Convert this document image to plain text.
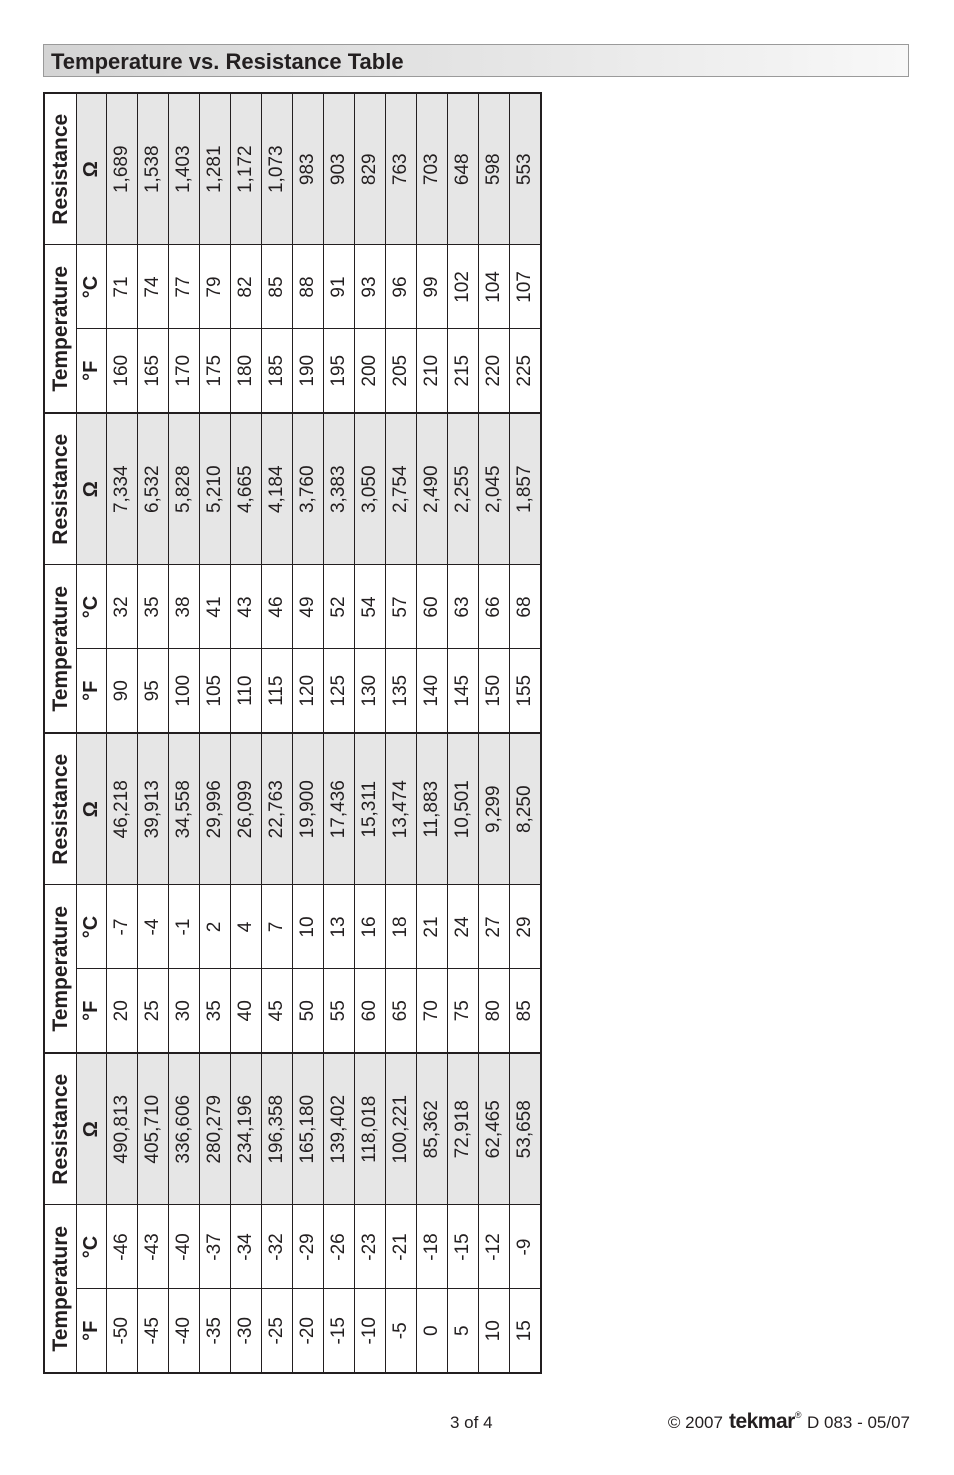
Temperature vs. Resistance Table
Temperature		Resistance	Temperature		Resistance	Temperature		Resistance	Temperature		Resistance
°F	°C	Ω	°F	°C	Ω	°F	°C	Ω	°F	°C	Ω
-50	-46	490,813	20	-7	46,218	90	32	7,334	160	71	1,689
-45	-43	405,710	25	-4	39,913	95	35	6,532	165	74	1,538
-40	-40	336,606	30	-1	34,558	100	38	5,828	170	77	1,403
-35	-37	280,279	35	2	29,996	105	41	5,210	175	79	1,281
-30	-34	234,196	40	4	26,099	110	43	4,665	180	82	1,172
-25	-32	196,358	45	7	22,763	115	46	4,184	185	85	1,073
-20	-29	165,180	50	10	19,900	120	49	3,760	190	88	983
-15	-26	139,402	55	13	17,436	125	52	3,383	195	91	903
-10	-23	118,018	60	16	15,311	130	54	3,050	200	93	829
-5	-21	100,221	65	18	13,474	135	57	2,754	205	96	763
0	-18	85,362	70	21	11,883	140	60	2,490	210	99	703
5	-15	72,918	75	24	10,501	145	63	2,255	215	102	648
10	-12	62,465	80	27	9,299	150	66	2,045	220	104	598
15	-9	53,658	85	29	8,250	155	68	1,857	225	107	553
3 of 4	© 2007 tekmar® D 083 - 05/07
